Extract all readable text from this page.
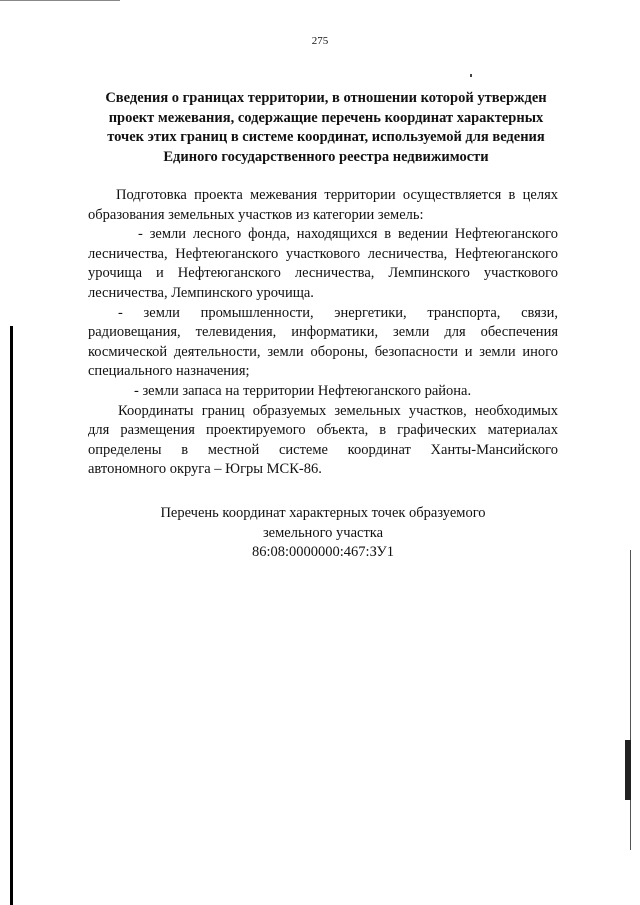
275
Сведения о границах территории, в отношении которой утвержден
проект межевания, содержащие перечень координат характерных
точек этих границ в системе координат, используемой для ведения
Единого государственного реестра недвижимости
Подготовка проекта межевания территории осуществляется в целях
образования земельных участков из категории земель:
- земли лесного фонда, находящихся в ведении Нефтеюганского
лесничества, Нефтеюганского участкового лесничества, Нефтеюганского
урочища и Нефтеюганского лесничества, Лемпинского участкового
лесничества, Лемпинского урочища.
- земли промышленности, энергетики, транспорта, связи,
радиовещания, телевидения, информатики, земли для обеспечения
космической деятельности, земли обороны, безопасности и земли иного
специального назначения;
- земли запаса на территории Нефтеюганского района.
Координаты границ образуемых земельных участков, необходимых
для размещения проектируемого объекта, в графических материалах
определены в местной системе координат Ханты-Мансийского
автономного округа – Югры МСК-86.
Перечень координат характерных точек образуемого
земельного участка
86:08:0000000:467:ЗУ1
